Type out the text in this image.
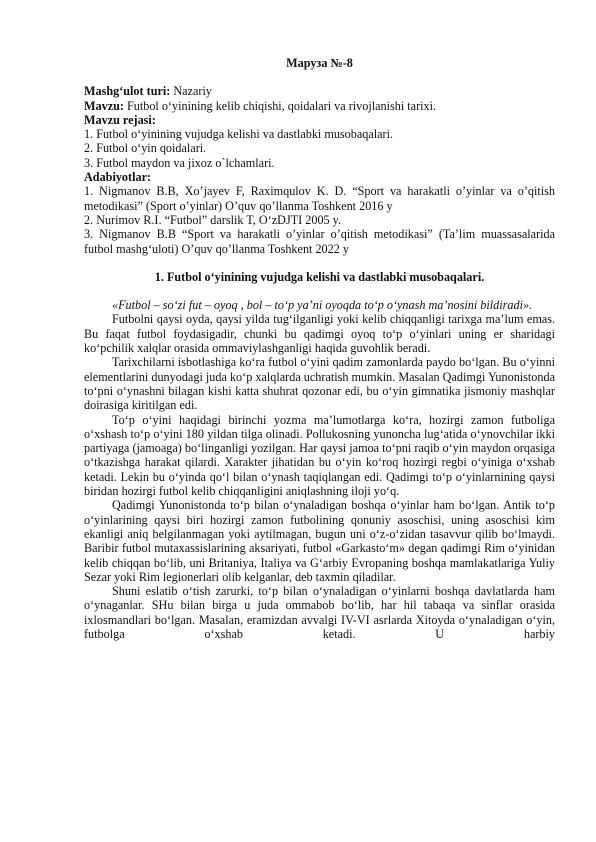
Маруза №-8

Mashg‘ulot turi: Nazariy

Mavzu: Futbol o‘yinining kelib chiqishi, qoidalari va rivojlanishi tarixi.

Mavzu rejasi:

1. Futbol o‘yinining vujudga kelishi va dastlabki musobaqalari.

2. Futbol o‘yin qoidalari.

3. Futbol maydon va jixoz o`lchamlari.

Adabiyotlar:

1. Nigmanov B.B, Xo’jayev F, Raximqulov K. D. “Sport va harakatli o’yinlar va o’qitish metodikasi” (Sport o’yinlar) O’quv qo’llanma Toshkent 2016 y

2. Nurimov R.I. “Futbol” darslik T, O‘zDJTI 2005 y.

3. Nigmanov B.B “Sport va harakatli o’yinlar o’qitish metodikasi” (Ta’lim muassasalarida futbol mashg‘uloti) O’quv qo’llanma Toshkent 2022 y

1. Futbol o‘yinining vujudga kelishi va dastlabki musobaqalari.

«Futbol – so‘zi fut – oyoq , bol – to‘p ya’ni oyoqda to‘p o‘ynash ma’nosini bildiradi».

Futbolni qaysi oyda, qaysi yilda tug‘ilganligi yoki kelib chiqqanligi tarixga ma’lum emas. Bu faqat futbol foydasigadir, chunki bu qadimgi oyoq to‘p o‘yinlari uning er sharidagi ko‘pchilik xalqlar orasida ommaviylashganligi haqida guvohlik beradi.

Tarixchilarni isbotlashiga ko‘ra futbol o‘yini qadim zamonlarda paydo bo‘lgan. Bu o‘yinni elementlarini dunyodagi juda ko‘p xalqlarda uchratish mumkin. Masalan Qadimgi Yunonistonda to‘pni o‘ynashni bilagan kishi katta shuhrat qozonar edi, bu o‘yin gimnatika jismoniy mashqlar doirasiga kiritilgan edi.

To‘p o‘yini haqidagi birinchi yozma ma’lumotlarga ko‘ra, hozirgi zamon futboliga o‘xshash to‘p o‘yini 180 yildan tilga olinadi. Pollukosning yunoncha lug‘atida o‘ynovchilar ikki partiyaga (jamoaga) bo‘linganligi yozilgan. Har qaysi jamoa to‘pni raqib o‘yin maydon orqasiga o‘tkazishga harakat qilardi. Xarakter jihatidan bu o‘yin ko‘roq hozirgi regbi o‘yiniga o‘xshab ketadi. Lekin bu o‘yinda qo‘l bilan o‘ynash taqiqlangan edi. Qadimgi to‘p o‘yinlarnining qaysi biridan hozirgi futbol kelib chiqqanligini aniqlashning iloji yo‘q.

Qadimgi Yunonistonda to‘p bilan o‘ynaladigan boshqa o‘yinlar ham bo‘lgan. Antik to‘p o‘yinlarining qaysi biri hozirgi zamon futbolining qonuniy asoschisi, uning asoschisi kim ekanligi aniq belgilanmagan yoki aytilmagan, bugun uni o‘z-o‘zidan tasavvur qilib bo‘lmaydi. Baribir futbol mutaxassislarining aksariyati, futbol «Garkasto‘m» degan qadimgi Rim o‘yinidan kelib chiqqan bo‘lib, uni Britaniya, Italiya va G‘arbiy Evropaning boshqa mamlakatlariga Yuliy Sezar yoki Rim legionerlari olib kelganlar, deb taxmin qiladilar.

Shuni eslatib o‘tish zarurki, to‘p bilan o‘ynaladigan o‘yinlarni boshqa davlatlarda ham o‘ynaganlar. SHu bilan birga u juda ommabob bo‘lib, har hil tabaqa va sinflar orasida ixlosmandlari bo‘lgan. Masalan, eramizdan avvalgi IV-VI asrlarda Xitoyda o‘ynaladigan o‘yin, futbolga o‘xshab ketadi. U harbiy
